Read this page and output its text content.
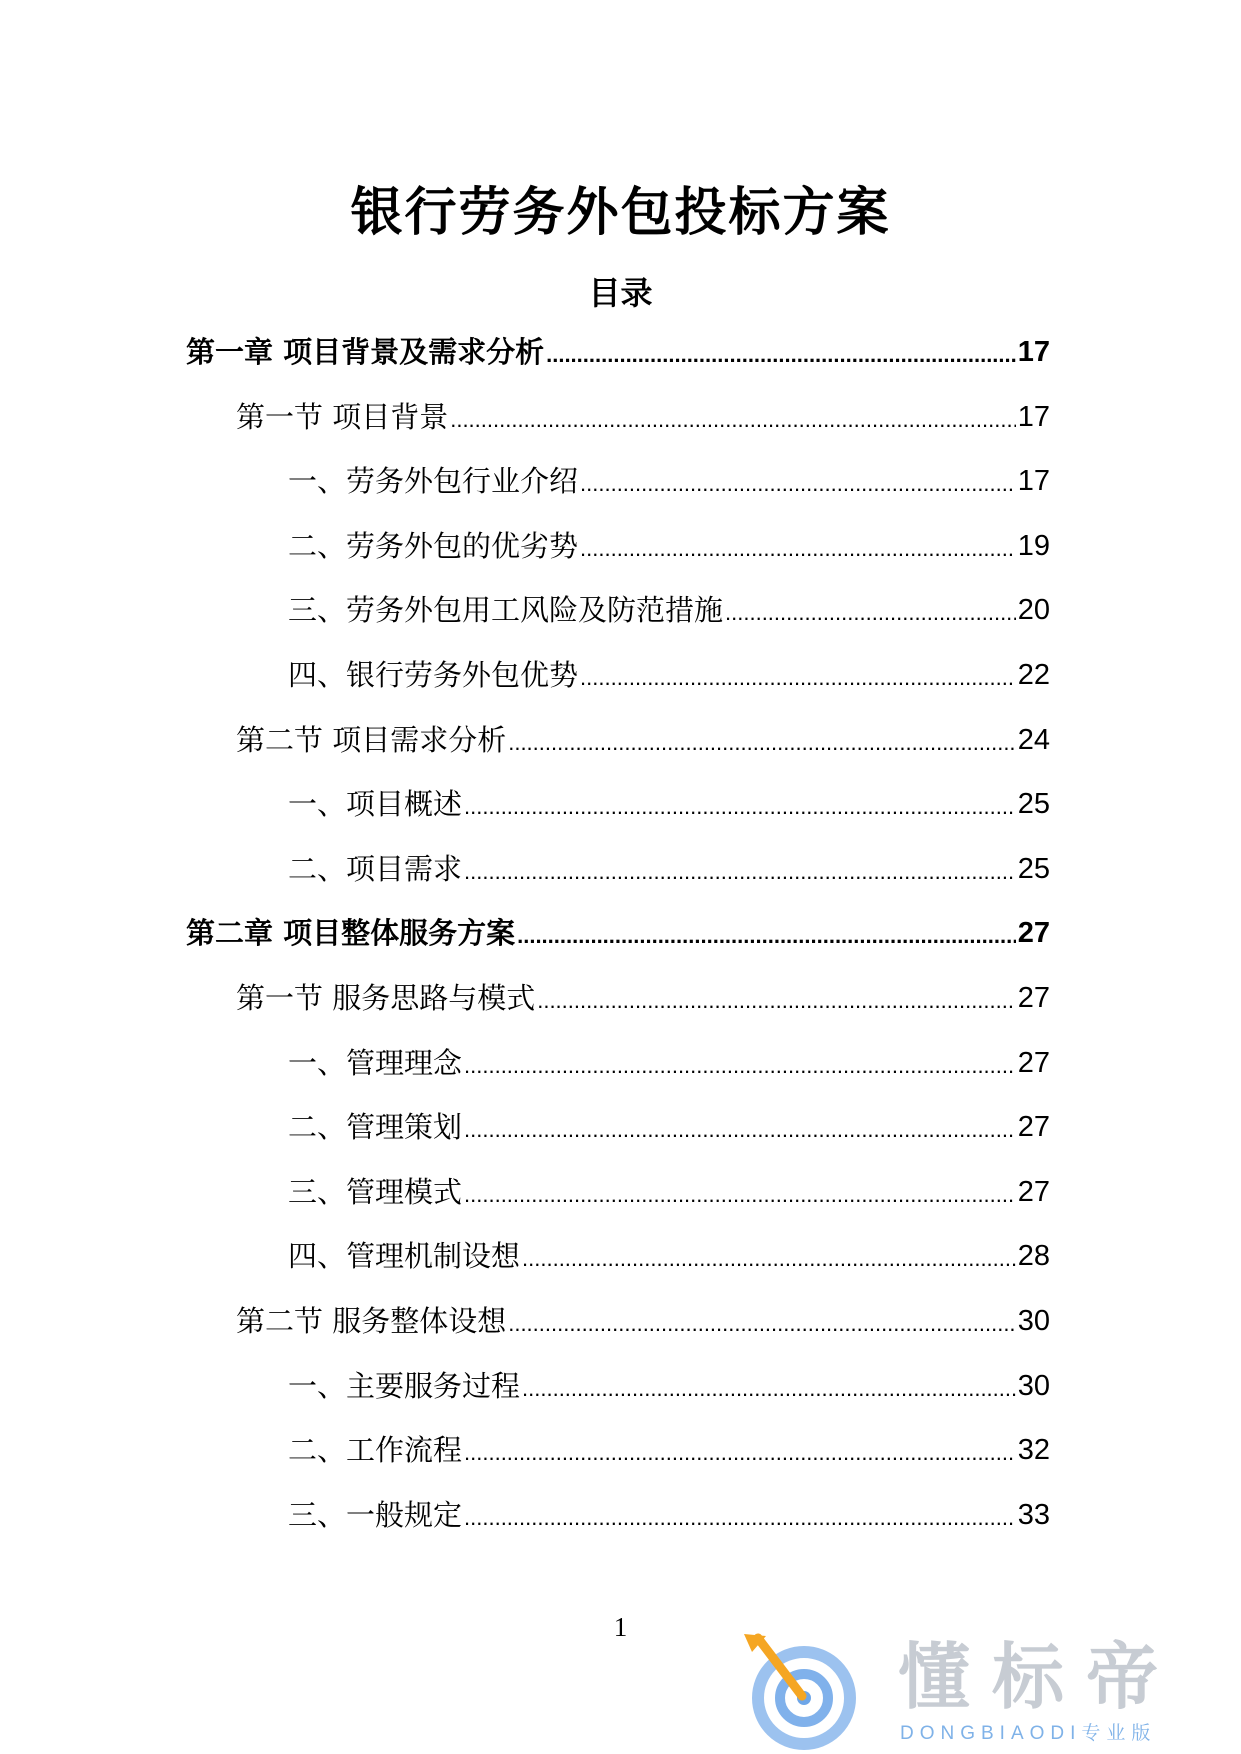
银行劳务外包投标方案
目录
第一章 项目背景及需求分析 .....	17
第一节 项目背景 .....	17
一、劳务外包行业介绍 .....	17
二、劳务外包的优劣势 .....	19
三、劳务外包用工风险及防范措施 .....	20
四、银行劳务外包优势 .....	22
第二节 项目需求分析 .....	24
一、项目概述 .....	25
二、项目需求 .....	25
第二章 项目整体服务方案 .....	27
第一节 服务思路与模式 .....	27
一、管理理念 .....	27
二、管理策划 .....	27
三、管理模式 .....	27
四、管理机制设想 .....	28
第二节 服务整体设想 .....	30
一、主要服务过程 .....	30
二、工作流程 .....	32
三、一般规定 .....	33
1
懂标帝
DONGBIAODI专业版
